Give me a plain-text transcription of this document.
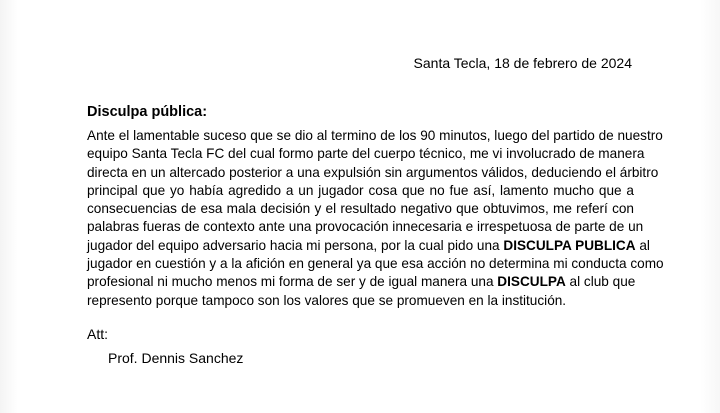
Santa Tecla, 18 de febrero de 2024
Disculpa pública:
Ante el lamentable suceso que se dio al termino de los 90 minutos, luego del partido de nuestro
equipo Santa Tecla FC del cual formo parte del cuerpo técnico, me vi involucrado de manera
directa en un altercado posterior a una expulsión sin argumentos válidos, deduciendo el árbitro
principal que yo había agredido a un jugador cosa que no fue así, lamento mucho que a
consecuencias de esa mala decisión y el resultado negativo que obtuvimos, me referí con
palabras fueras de contexto ante una provocación innecesaria e irrespetuosa de parte de un
jugador del equipo adversario hacia mi persona, por la cual pido una DISCULPA PUBLICA al
jugador en cuestión y a la afición en general ya que esa acción no determina mi conducta como
profesional ni mucho menos mi forma de ser y de igual manera una DISCULPA al club que
represento porque tampoco son los valores que se promueven en la institución.
Att:
Prof. Dennis Sanchez
